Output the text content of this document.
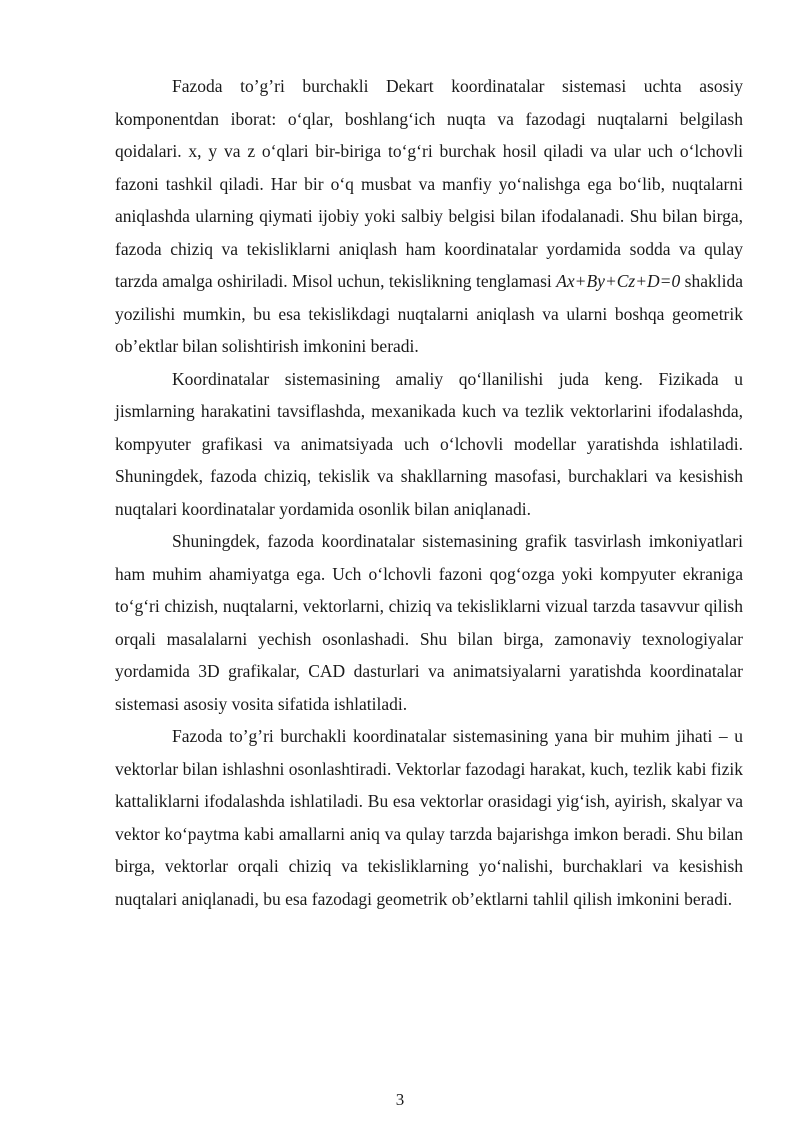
Fazoda to’g’ri burchakli Dekart koordinatalar sistemasi uchta asosiy komponentdan iborat: o‘qlar, boshlang‘ich nuqta va fazodagi nuqtalarni belgilash qoidalari. x, y va z o‘qlari bir-biriga to‘g‘ri burchak hosil qiladi va ular uch o‘lchovli fazoni tashkil qiladi. Har bir o‘q musbat va manfiy yo‘nalishga ega bo‘lib, nuqtalarni aniqlashda ularning qiymati ijobiy yoki salbiy belgisi bilan ifodalanadi. Shu bilan birga, fazoda chiziq va tekisliklarni aniqlash ham koordinatalar yordamida sodda va qulay tarzda amalga oshiriladi. Misol uchun, tekislikning tenglamasi Ax+By+Cz+D=0 shaklida yozilishi mumkin, bu esa tekislikdagi nuqtalarni aniqlash va ularni boshqa geometrik ob’ektlar bilan solishtirish imkonini beradi.

Koordinatalar sistemasining amaliy qo‘llanilishi juda keng. Fizikada u jismlarning harakatini tavsiflashda, mexanikada kuch va tezlik vektorlarini ifodalashda, kompyuter grafikasi va animatsiyada uch o‘lchovli modellar yaratishda ishlatiladi. Shuningdek, fazoda chiziq, tekislik va shakllarning masofasi, burchaklari va kesishish nuqtalari koordinatalar yordamida osonlik bilan aniqlanadi.

Shuningdek, fazoda koordinatalar sistemasining grafik tasvirlash imkoniyatlari ham muhim ahamiyatga ega. Uch o‘lchovli fazoni qog‘ozga yoki kompyuter ekraniga to‘g‘ri chizish, nuqtalarni, vektorlarni, chiziq va tekisliklarni vizual tarzda tasavvur qilish orqali masalalarni yechish osonlashadi. Shu bilan birga, zamonaviy texnologiyalar yordamida 3D grafikalar, CAD dasturlari va animatsiyalarni yaratishda koordinatalar sistemasi asosiy vosita sifatida ishlatiladi.

Fazoda to’g’ri burchakli koordinatalar sistemasining yana bir muhim jihati – u vektorlar bilan ishlashni osonlashtiradi. Vektorlar fazodagi harakat, kuch, tezlik kabi fizik kattaliklarni ifodalashda ishlatiladi. Bu esa vektorlar orasidagi yig‘ish, ayirish, skalyar va vektor ko‘paytma kabi amallarni aniq va qulay tarzda bajarishga imkon beradi. Shu bilan birga, vektorlar orqali chiziq va tekisliklarning yo‘nalishi, burchaklari va kesishish nuqtalari aniqlanadi, bu esa fazodagi geometrik ob’ektlarni tahlil qilish imkonini beradi.

3
